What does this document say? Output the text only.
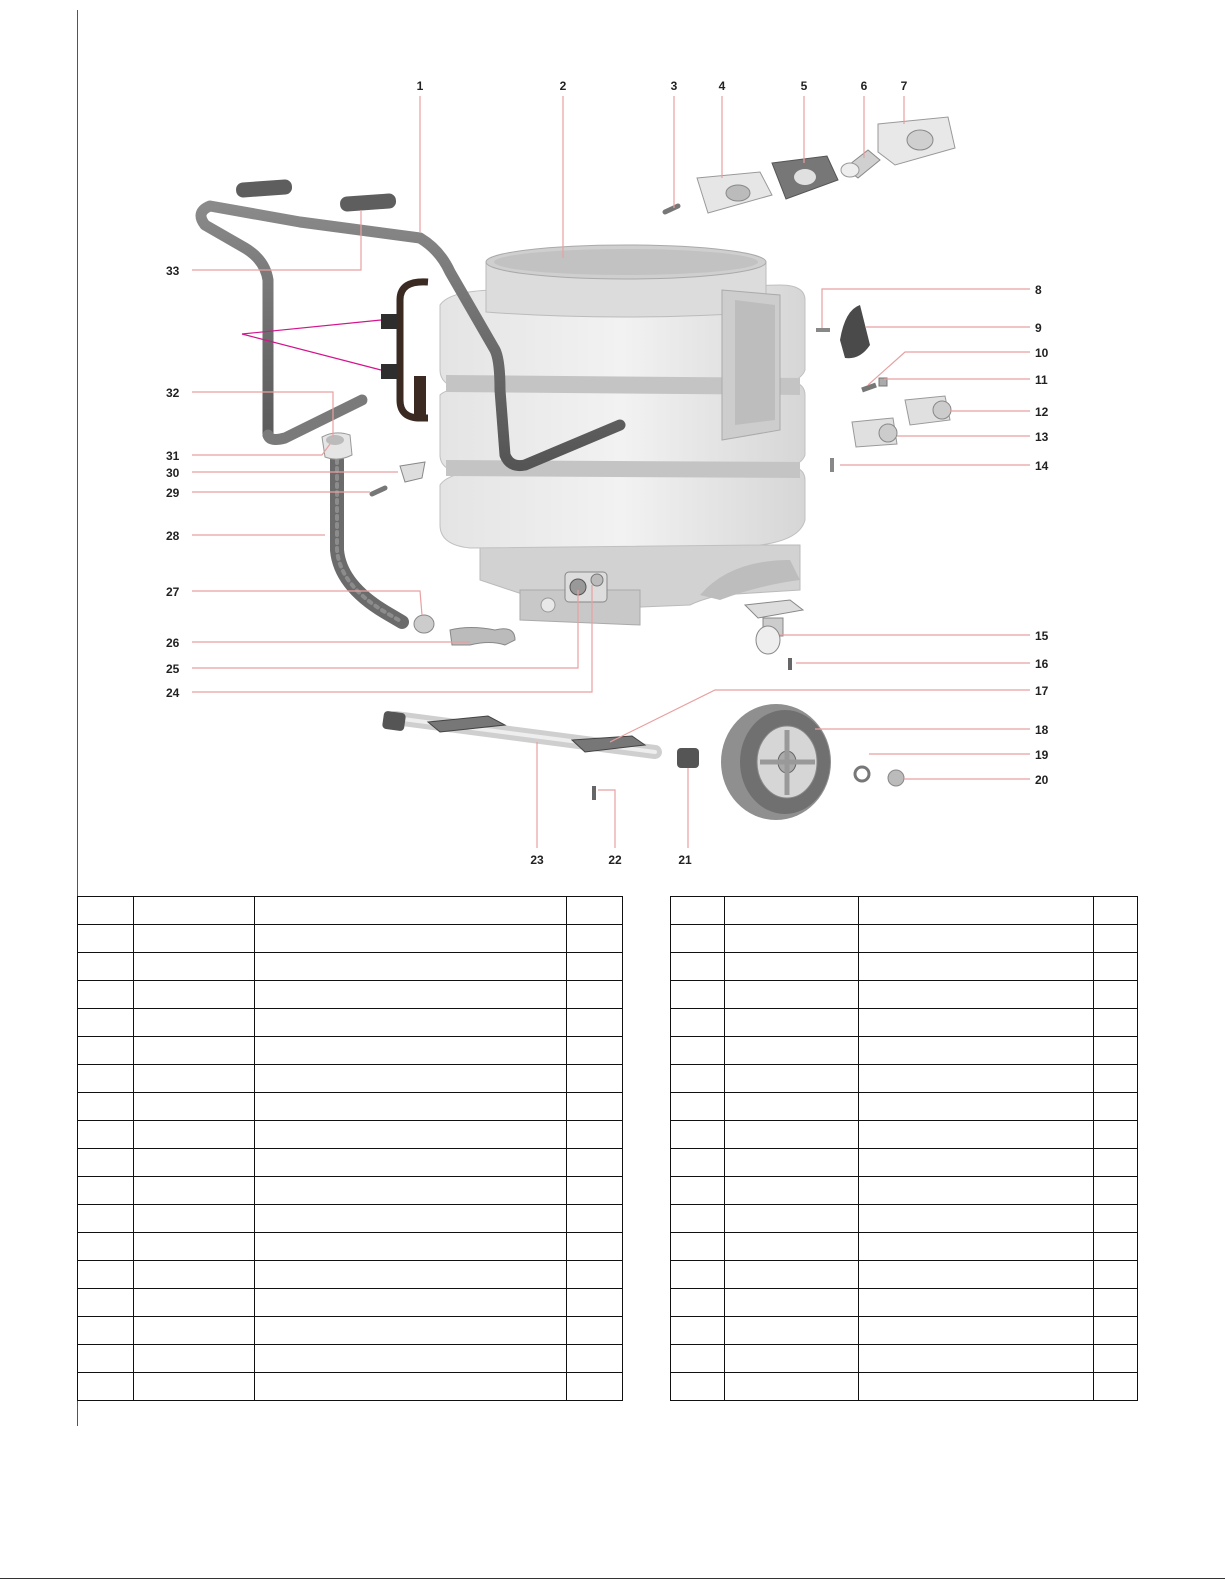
1	2	3	4	5	6	7
8
9
10
11
12
13
14
15
16
17
18
19
20
21
22
23
24
25
26
27
28
29
30
31
32
33
